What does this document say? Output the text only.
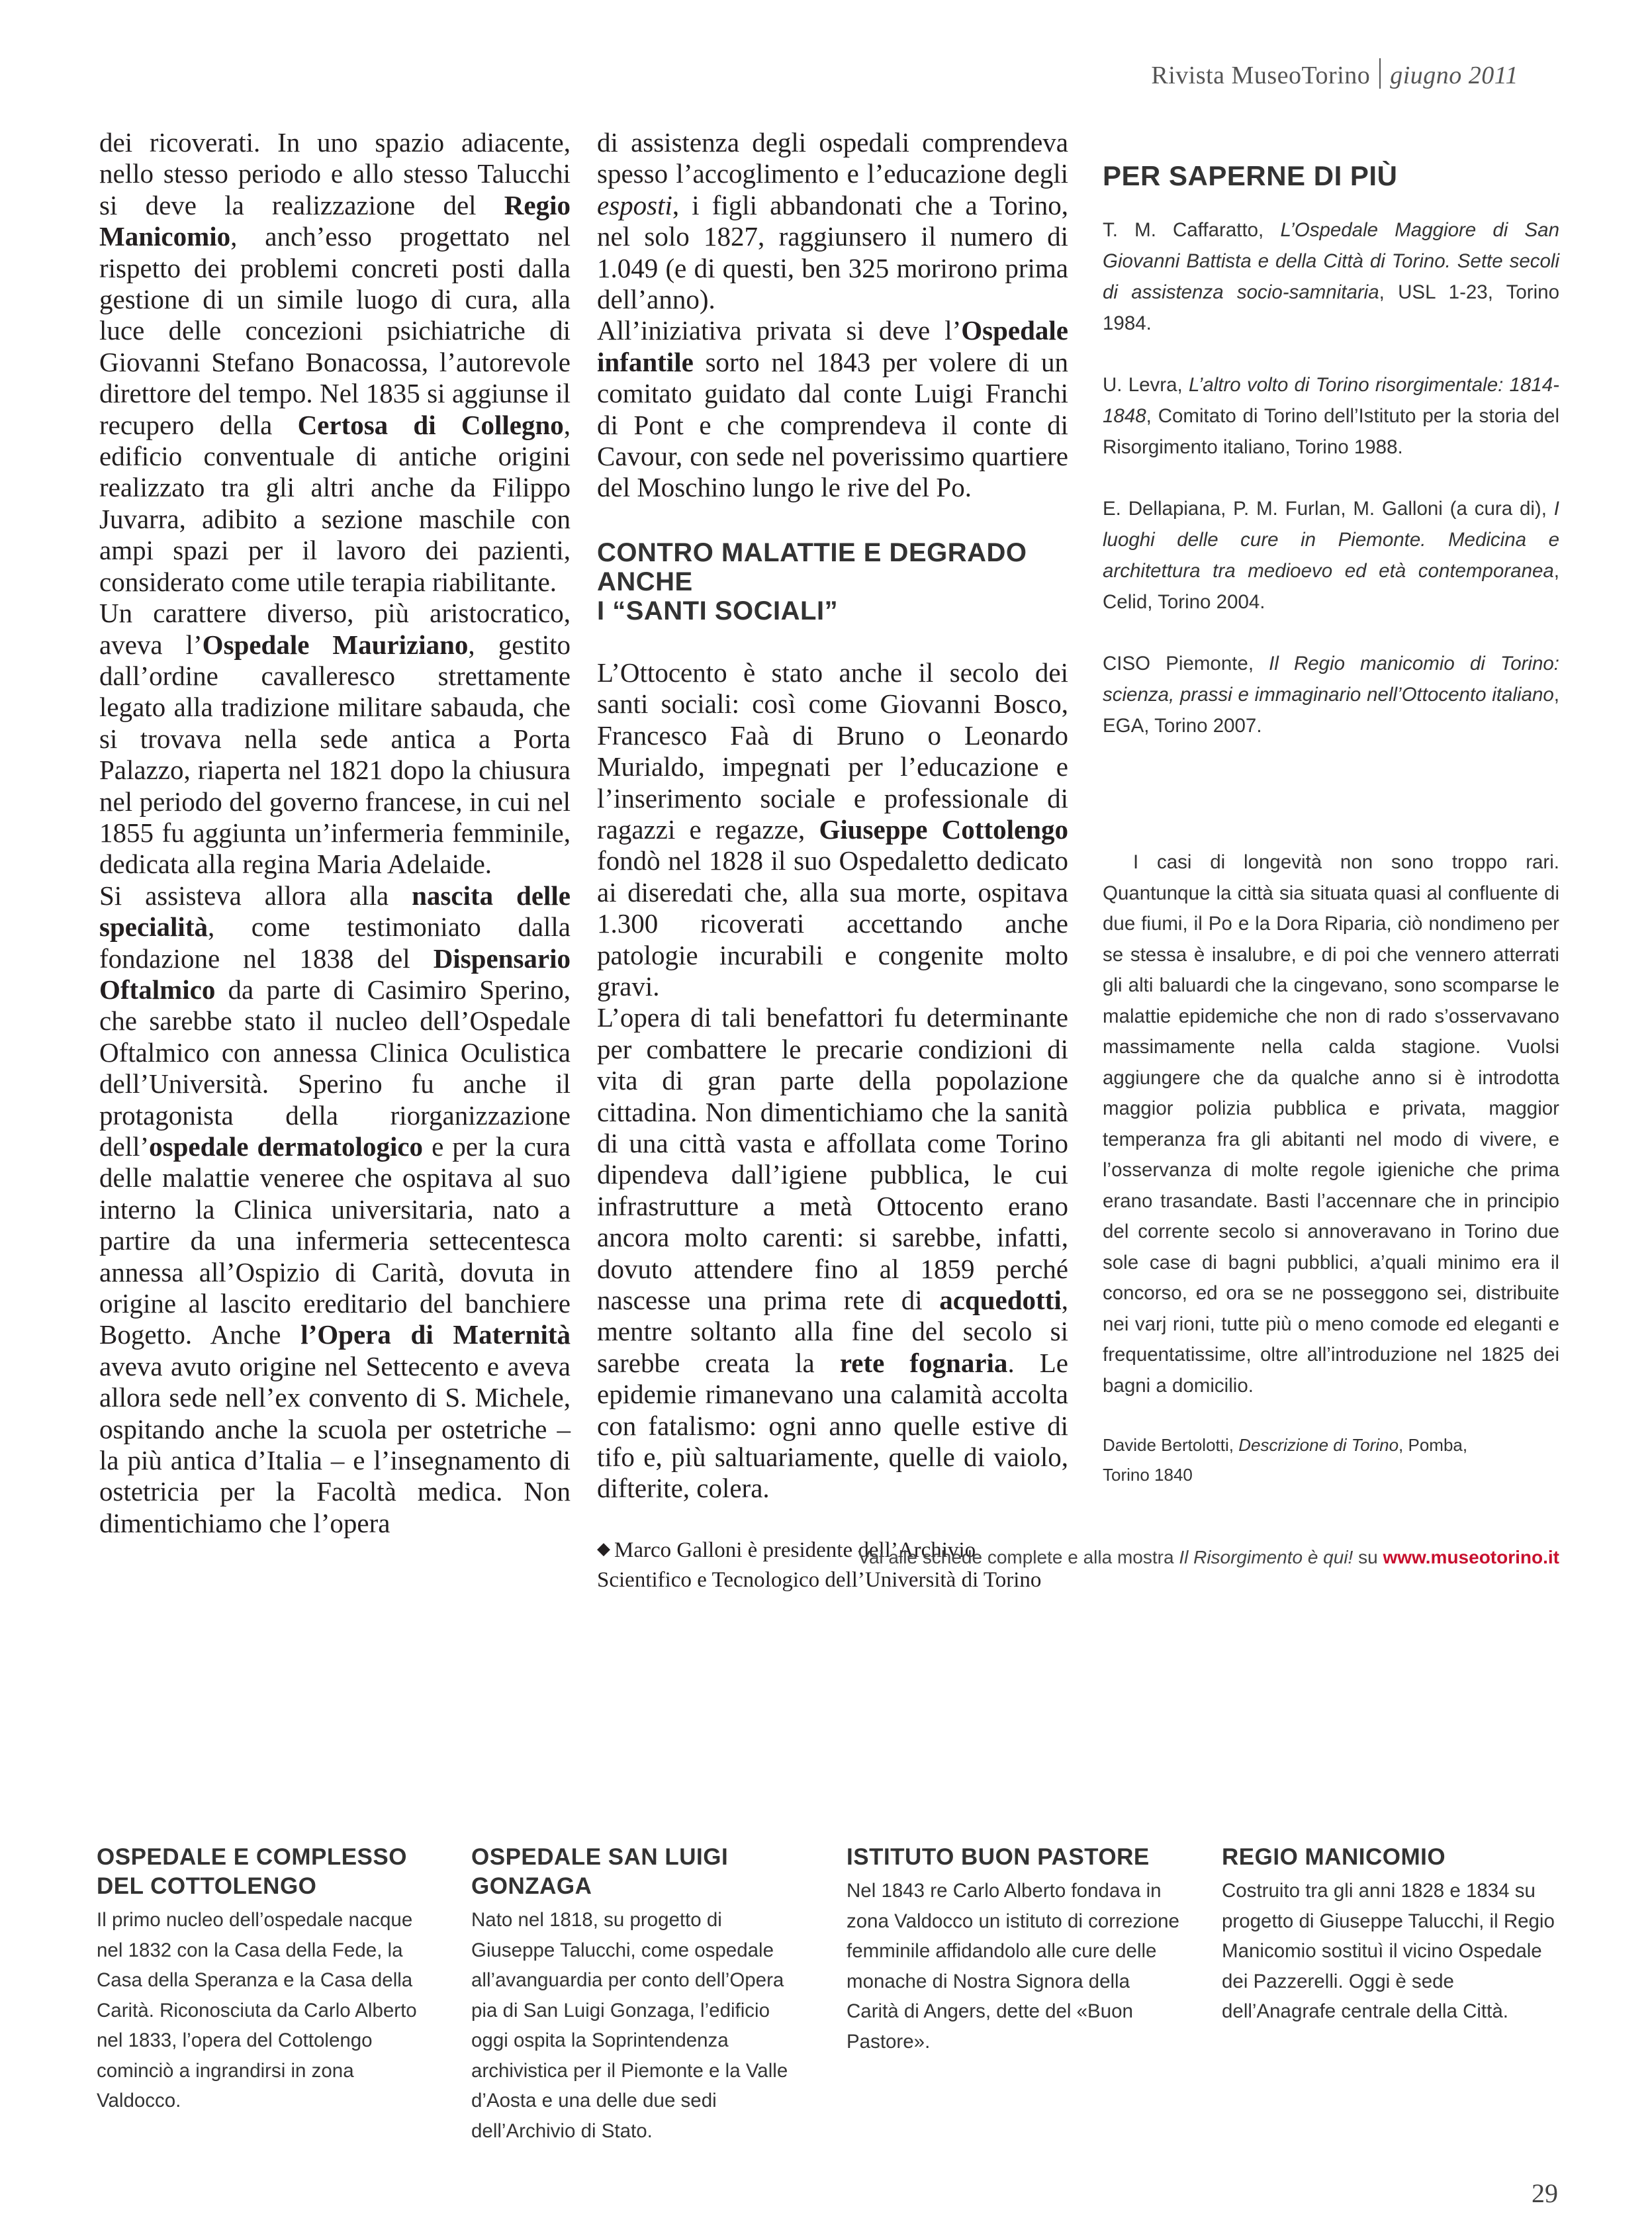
Rivista MuseoTorino giugno 2011

dei ricoverati. In uno spazio adiacente, nello stesso periodo e allo stesso Talucchi si deve la realizzazione del Regio Manicomio, anch’esso progettato nel rispetto dei problemi concreti posti dalla gestione di un simile luogo di cura, alla luce delle concezioni psichiatriche di Giovanni Stefano Bonacossa, l’autorevole direttore del tempo. Nel 1835 si aggiunse il recupero della Certosa di Collegno, edificio conventuale di antiche origini realizzato tra gli altri anche da Filippo Juvarra, adibito a sezione maschile con ampi spazi per il lavoro dei pazienti, considerato come utile terapia riabilitante.

Un carattere diverso, più aristocratico, aveva l’Ospedale Mauriziano, gestito dall’ordine cavalleresco strettamente legato alla tradizione militare sabauda, che si trovava nella sede antica a Porta Palazzo, riaperta nel 1821 dopo la chiusura nel periodo del governo francese, in cui nel 1855 fu aggiunta un’infermeria femminile, dedicata alla regina Maria Adelaide.

Si assisteva allora alla nascita delle specialità, come testimoniato dalla fondazione nel 1838 del Dispensario Oftalmico da parte di Casimiro Sperino, che sarebbe stato il nucleo dell’Ospedale Oftalmico con annessa Clinica Oculistica dell’Università. Sperino fu anche il protagonista della riorganizzazione dell’ospedale dermatologico e per la cura delle malattie veneree che ospitava al suo interno la Clinica universitaria, nato a partire da una infermeria settecentesca annessa all’Ospizio di Carità, dovuta in origine al lascito ereditario del banchiere Bogetto. Anche l’Opera di Maternità aveva avuto origine nel Settecento e aveva allora sede nell’ex convento di S. Michele, ospitando anche la scuola per ostetriche – la più antica d’Italia – e l’insegnamento di ostetricia per la Facoltà medica. Non dimentichiamo che l’opera

di assistenza degli ospedali comprendeva spesso l’accoglimento e l’educazione degli esposti, i figli abbandonati che a Torino, nel solo 1827, raggiunsero il numero di 1.049 (e di questi, ben 325 morirono prima dell’anno).

All’iniziativa privata si deve l’Ospedale infantile sorto nel 1843 per volere di un comitato guidato dal conte Luigi Franchi di Pont e che comprendeva il conte di Cavour, con sede nel poverissimo quartiere del Moschino lungo le rive del Po.

CONTRO MALATTIE E DEGRADO ANCHE
I “SANTI SOCIALI”

L’Ottocento è stato anche il secolo dei santi sociali: così come Giovanni Bosco, Francesco Faà di Bruno o Leonardo Murialdo, impegnati per l’educazione e l’inserimento sociale e professionale di ragazzi e regazze, Giuseppe Cottolengo fondò nel 1828 il suo Ospedaletto dedicato ai diseredati che, alla sua morte, ospitava 1.300 ricoverati accettando anche patologie incurabili e congenite molto gravi.

L’opera di tali benefattori fu determinante per combattere le precarie condizioni di vita di gran parte della popolazione cittadina. Non dimentichiamo che la sanità di una città vasta e affollata come Torino dipendeva dall’igiene pubblica, le cui infrastrutture a metà Ottocento erano ancora molto carenti: si sarebbe, infatti, dovuto attendere fino al 1859 perché nascesse una prima rete di acquedotti, mentre soltanto alla fine del secolo si sarebbe creata la rete fognaria. Le epidemie rimanevano una calamità accolta con fatalismo: ogni anno quelle estive di tifo e, più saltuariamente, quelle di vaiolo, difterite, colera.

◆ Marco Galloni è presidente dell’Archivio Scientifico e Tecnologico dell’Università di Torino
PER SAPERNE DI PIÙ

T. M. Caffaratto, L’Ospedale Maggiore di San Giovanni Battista e della Città di Torino. Sette secoli di assistenza socio-samnitaria, USL 1-23, Torino 1984.

U. Levra, L’altro volto di Torino risorgimentale: 1814-1848, Comitato di Torino dell’Istituto per la storia del Risorgimento italiano, Torino 1988.

E. Dellapiana, P. M. Furlan, M. Galloni (a cura di), I luoghi delle cure in Piemonte. Medicina e architettura tra medioevo ed età contemporanea, Celid, Torino 2004.

CISO Piemonte, Il Regio manicomio di Torino: scienza, prassi e immaginario nell’Ottocento italiano, EGA, Torino 2007.

I casi di longevità non sono troppo rari. Quantunque la città sia situata quasi al confluente di due fiumi, il Po e la Dora Riparia, ciò nondimeno per se stessa è insalubre, e di poi che vennero atterrati gli alti baluardi che la cingevano, sono scomparse le malattie epidemiche che non di rado s’osservavano massimamente nella calda stagione. Vuolsi aggiungere che da qualche anno si è introdotta maggior polizia pubblica e privata, maggior temperanza fra gli abitanti nel modo di vivere, e l’osservanza di molte regole igieniche che prima erano trasandate. Basti l’accennare che in principio del corrente secolo si annoveravano in Torino due sole case di bagni pubblici, a’quali minimo era il concorso, ed ora se ne posseggono sei, distribuite nei varj rioni, tutte più o meno comode ed eleganti e frequentatissime, oltre all’introduzione nel 1825 dei bagni a domicilio.

Davide Bertolotti, Descrizione di Torino, Pomba,
Torino 1840
Vai alle schede complete e alla mostra Il Risorgimento è qui! su www.museotorino.it
OSPEDALE E COMPLESSO
DEL COTTOLENGO
Il primo nucleo dell’ospedale nacque nel 1832 con la Casa della Fede, la Casa della Speranza e la Casa della Carità. Riconosciuta da Carlo Alberto nel 1833, l’opera del Cottolengo cominciò a ingrandirsi in zona Valdocco.
OSPEDALE SAN LUIGI GONZAGA
Nato nel 1818, su progetto di Giuseppe Talucchi, come ospedale all’avanguardia per conto dell’Opera pia di San Luigi Gonzaga, l’edificio oggi ospita la Soprintendenza archivistica per il Piemonte e la Valle d’Aosta e una delle due sedi dell’Archivio di Stato.
ISTITUTO BUON PASTORE
Nel 1843 re Carlo Alberto fondava in zona Valdocco un istituto di correzione femminile affidandolo alle cure delle monache di Nostra Signora della Carità di Angers, dette del «Buon Pastore».
REGIO MANICOMIO
Costruito tra gli anni 1828 e 1834 su progetto di Giuseppe Talucchi, il Regio Manicomio sostituì il vicino Ospedale dei Pazzerelli. Oggi è sede dell’Anagrafe centrale della Città.
29
